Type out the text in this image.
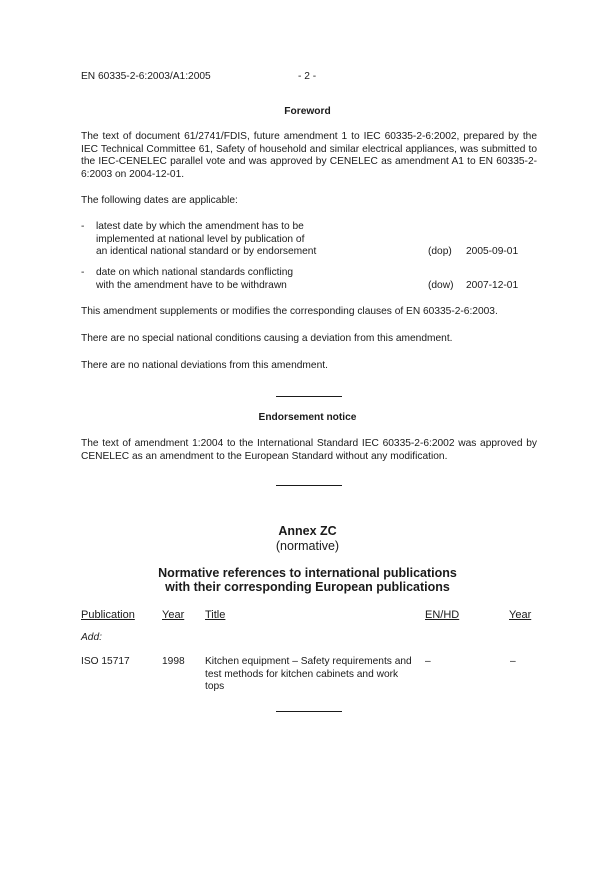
EN 60335-2-6:2003/A1:2005	- 2 -
Foreword
The text of document 61/2741/FDIS, future amendment 1 to IEC 60335-2-6:2002, prepared by the IEC Technical Committee 61, Safety of household and similar electrical appliances, was submitted to the IEC-CENELEC parallel vote and was approved by CENELEC as amendment A1 to EN 60335-2-6:2003 on 2004-12-01.
The following dates are applicable:
- latest date by which the amendment has to be
implemented at national level by publication of
an identical national standard or by endorsement	(dop) 2005-09-01
- date on which national standards conflicting
with the amendment have to be withdrawn	(dow) 2007-12-01
This amendment supplements or modifies the corresponding clauses of EN 60335-2-6:2003.
There are no special national conditions causing a deviation from this amendment.
There are no national deviations from this amendment.
Endorsement notice
The text of amendment 1:2004 to the International Standard IEC 60335-2-6:2002 was approved by CENELEC as an amendment to the European Standard without any modification.
Annex ZC
(normative)
Normative references to international publications
with their corresponding European publications
Publication Year Title	EN/HD	Year
Add:
ISO 15717	1998 Kitchen equipment – Safety requirements and
test methods for kitchen cabinets and work
tops
–	–
